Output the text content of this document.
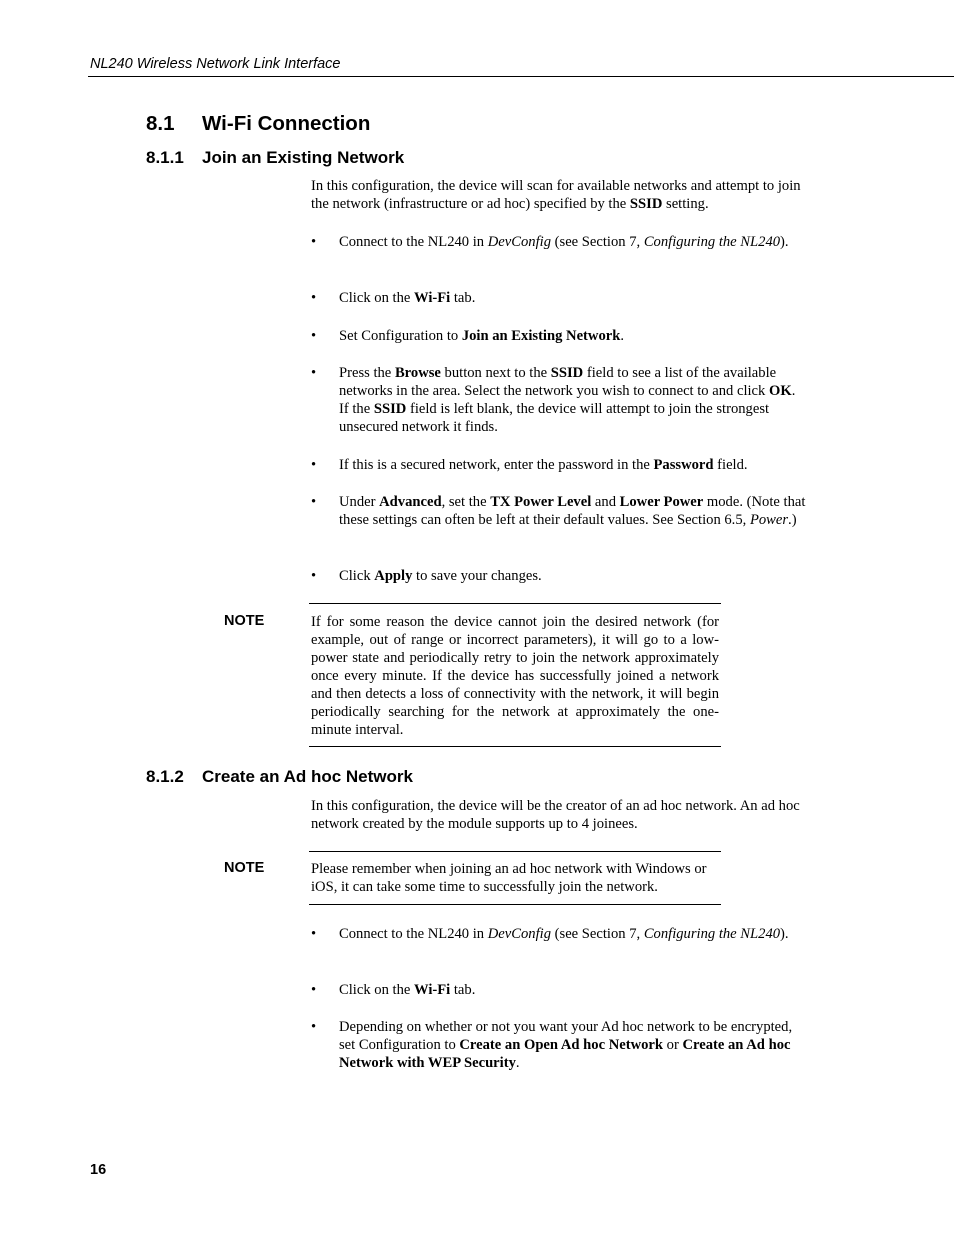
NL240 Wireless Network Link Interface
8.1 Wi-Fi Connection
8.1.1 Join an Existing Network
In this configuration, the device will scan for available networks and attempt to join the network (infrastructure or ad hoc) specified by the SSID setting.
• Connect to the NL240 in DevConfig (see Section 7, Configuring the NL240).
• Click on the Wi-Fi tab.
• Set Configuration to Join an Existing Network.
• Press the Browse button next to the SSID field to see a list of the available networks in the area. Select the network you wish to connect to and click OK. If the SSID field is left blank, the device will attempt to join the strongest unsecured network it finds.
• If this is a secured network, enter the password in the Password field.
• Under Advanced, set the TX Power Level and Lower Power mode. (Note that these settings can often be left at their default values. See Section 6.5, Power.)
• Click Apply to save your changes.
NOTE	If for some reason the device cannot join the desired network (for example, out of range or incorrect parameters), it will go to a low-power state and periodically retry to join the network approximately once every minute. If the device has successfully joined a network and then detects a loss of connectivity with the network, it will begin periodically searching for the network at approximately the one-minute interval.
8.1.2 Create an Ad hoc Network
In this configuration, the device will be the creator of an ad hoc network. An ad hoc network created by the module supports up to 4 joinees.
NOTE	Please remember when joining an ad hoc network with Windows or iOS, it can take some time to successfully join the network.
• Connect to the NL240 in DevConfig (see Section 7, Configuring the NL240).
• Click on the Wi-Fi tab.
• Depending on whether or not you want your Ad hoc network to be encrypted, set Configuration to Create an Open Ad hoc Network or Create an Ad hoc Network with WEP Security.
16
